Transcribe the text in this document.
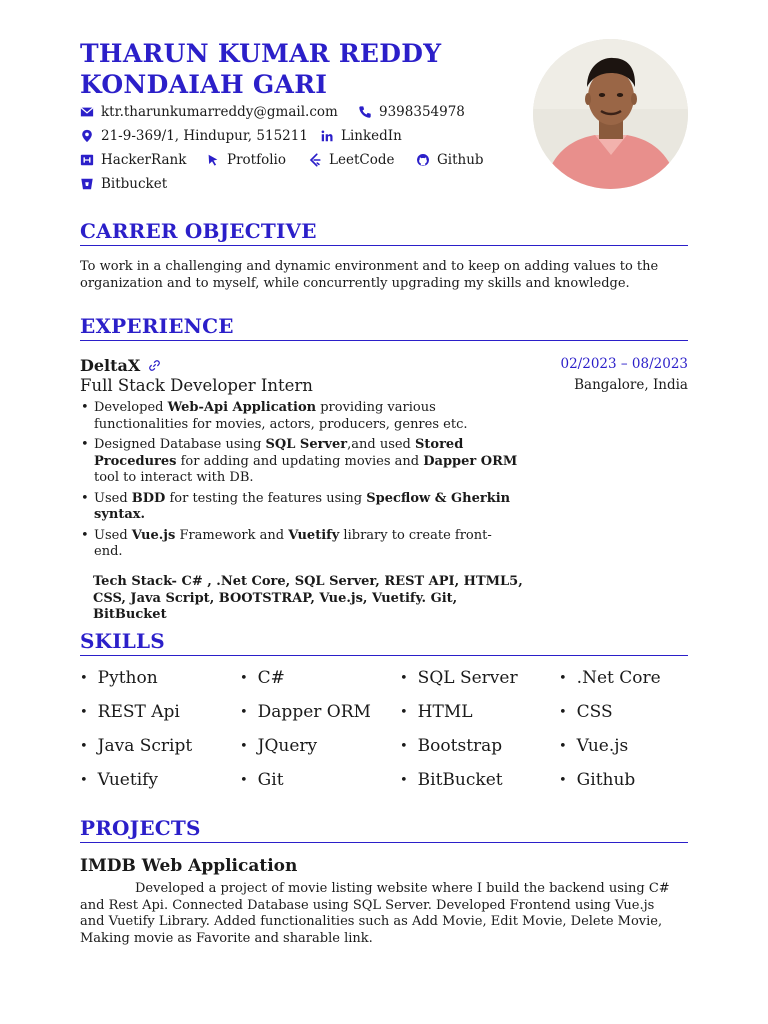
THARUN KUMAR REDDY
KONDAIAH GARI
ktr.tharunkumarreddy@gmail.com	9398354978
21-9-369/1, Hindupur, 515211 LinkedIn
HackerRank	Protfolio	LeetCode	Github
Bitbucket
CARRER OBJECTIVE
To work in a challenging and dynamic environment and to keep on adding values to the organization and to myself, while concurrently upgrading my skills and knowledge.
EXPERIENCE
DeltaX
Full Stack Developer Intern
02/2023 – 08/2023
Bangalore, India
• Developed Web-Api Application providing various functionalities for movies, actors, producers, genres etc.
• Designed Database using SQL Server,and used Stored Procedures for adding and updating movies and Dapper ORM tool to interact with DB.
• Used BDD for testing the features using Specflow & Gherkin syntax.
• Used Vue.js Framework and Vuetify library to create front-end.
Tech Stack- C# , .Net Core, SQL Server, REST API, HTML5, CSS, Java Script, BOOTSTRAP, Vue.js, Vuetify. Git, BitBucket
SKILLS
• Python	• C#	• SQL Server	• .Net Core
• REST Api	• Dapper ORM	• HTML	• CSS
• Java Script	• JQuery	• Bootstrap	• Vue.js
• Vuetify	• Git	• BitBucket	• Github
PROJECTS
IMDB Web Application
Developed a project of movie listing website where I build the backend using C# and Rest Api. Connected Database using SQL Server. Developed Frontend using Vue.js and Vuetify Library. Added functionalities such as Add Movie, Edit Movie, Delete Movie, Making movie as Favorite and sharable link.
